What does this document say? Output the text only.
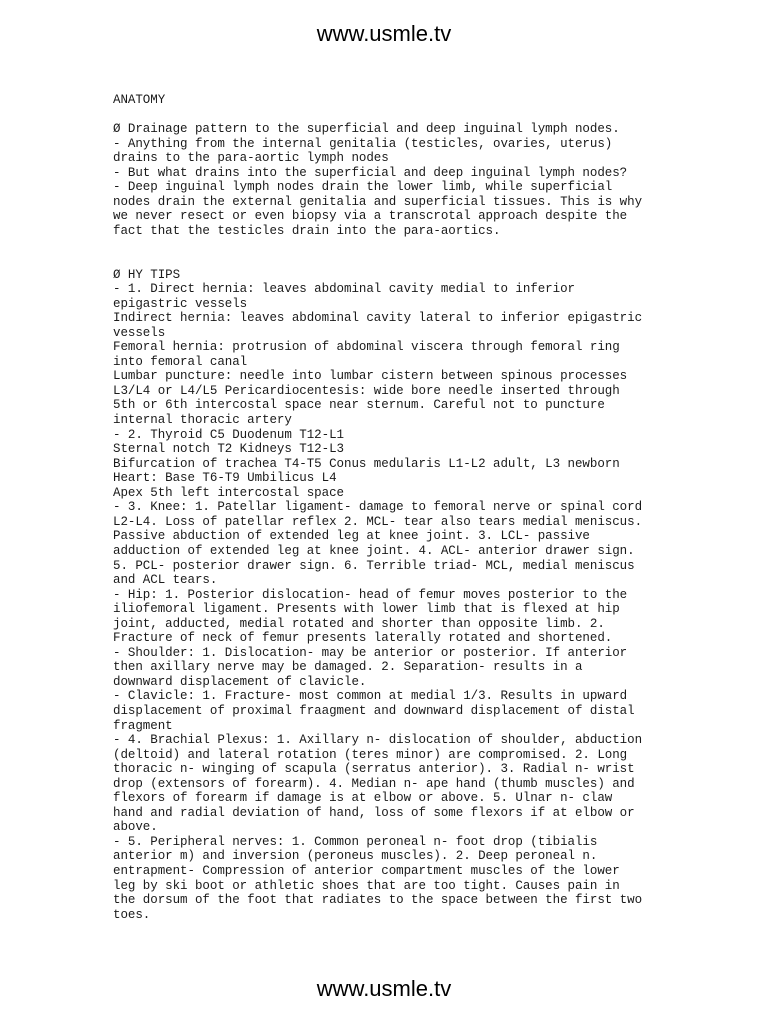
www.usmle.tv
ANATOMY
Ø Drainage pattern to the superficial and deep inguinal lymph nodes.
- Anything from the internal genitalia (testicles, ovaries, uterus)
drains to the para-aortic lymph nodes
- But what drains into the superficial and deep inguinal lymph nodes?
- Deep inguinal lymph nodes drain the lower limb, while superficial
nodes drain the external genitalia and superficial tissues. This is why
we never resect or even biopsy via a transcrotal approach despite the
fact that the testicles drain into the para-aortics.
Ø HY TIPS
- 1. Direct hernia: leaves abdominal cavity medial to inferior
epigastric vessels
Indirect hernia: leaves abdominal cavity lateral to inferior epigastric
vessels
Femoral hernia: protrusion of abdominal viscera through femoral ring
into femoral canal
Lumbar puncture: needle into lumbar cistern between spinous processes
L3/L4 or L4/L5 Pericardiocentesis: wide bore needle inserted through
5th or 6th intercostal space near sternum. Careful not to puncture
internal thoracic artery
- 2. Thyroid C5 Duodenum T12-L1
Sternal notch T2 Kidneys T12-L3
Bifurcation of trachea T4-T5 Conus medularis L1-L2 adult, L3 newborn
Heart: Base T6-T9 Umbilicus L4
Apex 5th left intercostal space
- 3. Knee: 1. Patellar ligament- damage to femoral nerve or spinal cord
L2-L4. Loss of patellar reflex 2. MCL- tear also tears medial meniscus.
Passive abduction of extended leg at knee joint. 3. LCL- passive
adduction of extended leg at knee joint. 4. ACL- anterior drawer sign.
5. PCL- posterior drawer sign. 6. Terrible triad- MCL, medial meniscus
and ACL tears.
- Hip: 1. Posterior dislocation- head of femur moves posterior to the
iliofemoral ligament. Presents with lower limb that is flexed at hip
joint, adducted, medial rotated and shorter than opposite limb. 2.
Fracture of neck of femur presents laterally rotated and shortened.
- Shoulder: 1. Dislocation- may be anterior or posterior. If anterior
then axillary nerve may be damaged. 2. Separation- results in a
downward displacement of clavicle.
- Clavicle: 1. Fracture- most common at medial 1/3. Results in upward
displacement of proximal fraagment and downward displacement of distal
fragment
- 4. Brachial Plexus: 1. Axillary n- dislocation of shoulder, abduction
(deltoid) and lateral rotation (teres minor) are compromised. 2. Long
thoracic n- winging of scapula (serratus anterior). 3. Radial n- wrist
drop (extensors of forearm). 4. Median n- ape hand (thumb muscles) and
flexors of forearm if damage is at elbow or above. 5. Ulnar n- claw
hand and radial deviation of hand, loss of some flexors if at elbow or
above.
- 5. Peripheral nerves: 1. Common peroneal n- foot drop (tibialis
anterior m) and inversion (peroneus muscles). 2. Deep peroneal n.
entrapment- Compression of anterior compartment muscles of the lower
leg by ski boot or athletic shoes that are too tight. Causes pain in
the dorsum of the foot that radiates to the space between the first two
toes.
www.usmle.tv
